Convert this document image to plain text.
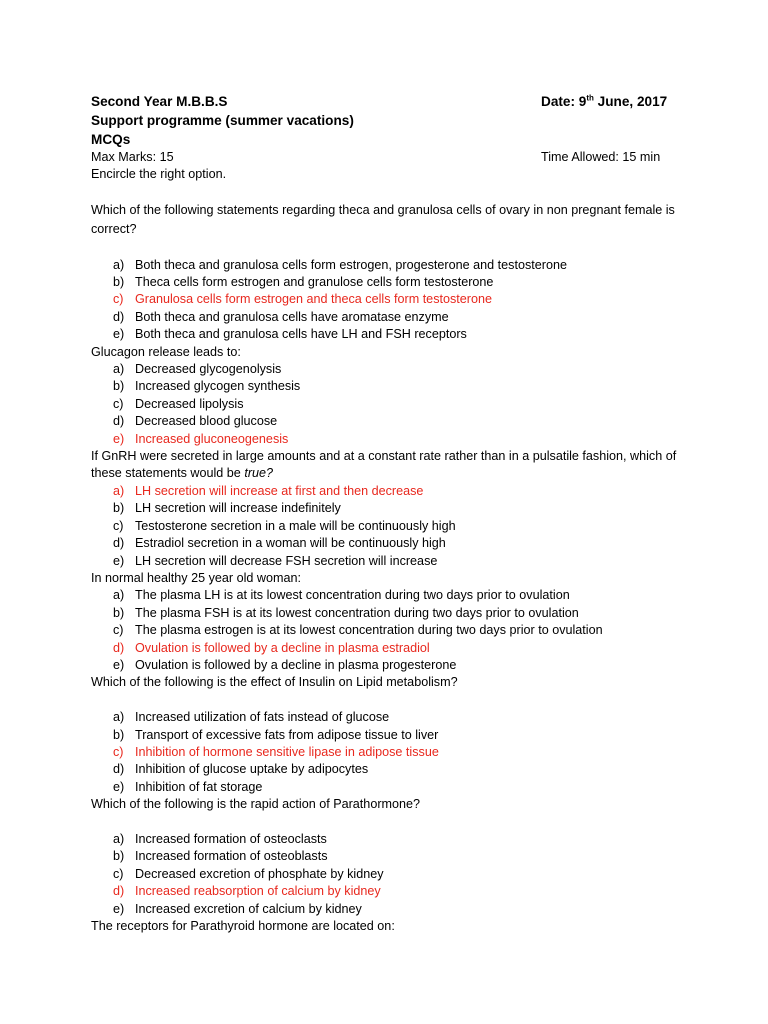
Second Year M.B.B.S	Date: 9th June, 2017
Support programme (summer vacations)
MCQs
Max Marks: 15	Time Allowed: 15 min
Encircle the right option.

Which of the following statements regarding theca and granulosa cells of ovary in non pregnant female is correct?

a) Both theca and granulosa cells form estrogen, progesterone and testosterone
b) Theca cells form estrogen and granulose cells form testosterone
c) Granulosa cells form estrogen and theca cells form testosterone
d) Both theca and granulosa cells have aromatase enzyme
e) Both theca and granulosa cells have LH and FSH receptors

Glucagon release leads to:

a) Decreased glycogenolysis
b) Increased glycogen synthesis
c) Decreased lipolysis
d) Decreased blood glucose
e) Increased gluconeogenesis

If GnRH were secreted in large amounts and at a constant rate rather than in a pulsatile fashion, which of these statements would be true?

a) LH secretion will increase at first and then decrease
b) LH secretion will increase indefinitely
c) Testosterone secretion in a male will be continuously high
d) Estradiol secretion in a woman will be continuously high
e) LH secretion will decrease FSH secretion will increase

In normal healthy 25 year old woman:

a) The plasma LH is at its lowest concentration during two days prior to ovulation
b) The plasma FSH is at its lowest concentration during two days prior to ovulation
c) The plasma estrogen is at its lowest concentration during two days prior to ovulation
d) Ovulation is followed by a decline in plasma estradiol
e) Ovulation is followed by a decline in plasma progesterone

Which of the following is the effect of Insulin on Lipid metabolism?

a) Increased utilization of fats instead of glucose
b) Transport of excessive fats from adipose tissue to liver
c) Inhibition of hormone sensitive lipase in adipose tissue
d) Inhibition of glucose uptake by adipocytes
e) Inhibition of fat storage

Which of the following is the rapid action of Parathormone?

a) Increased formation of osteoclasts
b) Increased formation of osteoblasts
c) Decreased excretion of phosphate by kidney
d) Increased reabsorption of calcium by kidney
e) Increased excretion of calcium by kidney

The receptors for Parathyroid hormone are located on:
